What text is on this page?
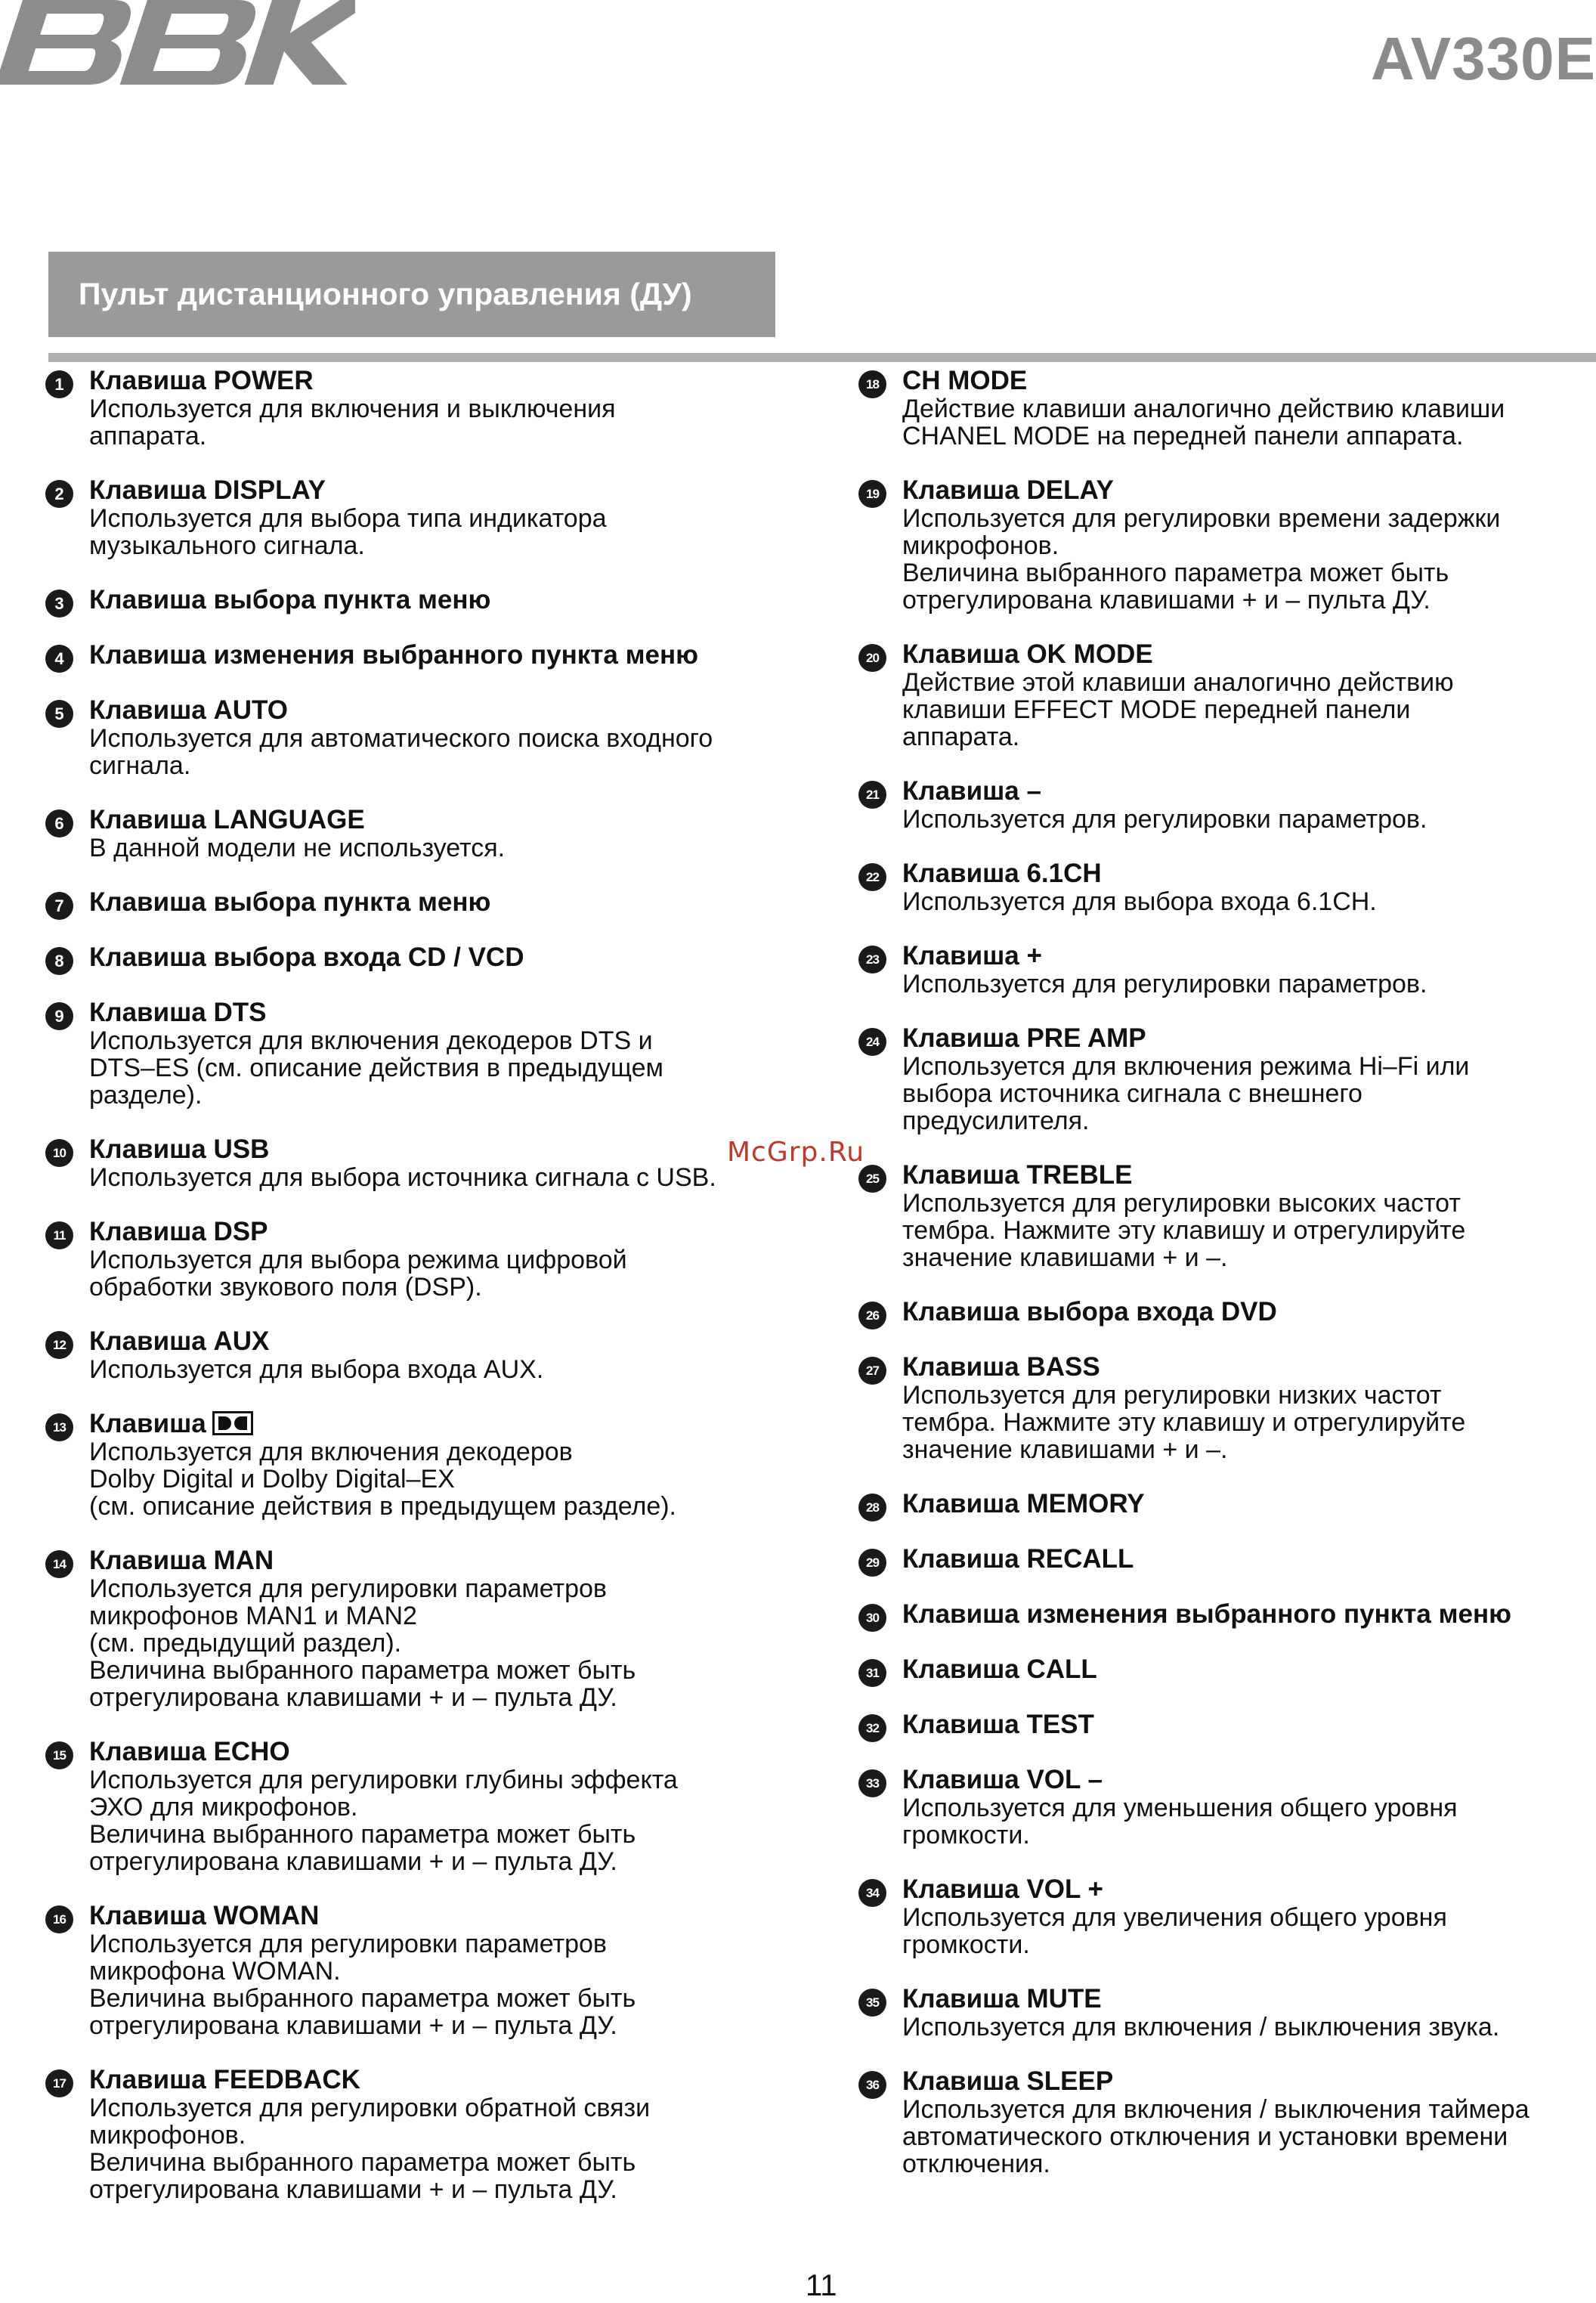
BBK
AV330E
Пульт дистанционного управления (ДУ)
1 Клавиша POWER
Используется для включения и выключения
аппарата.
2 Клавиша DISPLAY
Используется для выбора типа индикатора
музыкального сигнала.
3 Клавиша выбора пункта меню
4 Клавиша изменения выбранного пункта меню
5 Клавиша AUTO
Используется для автоматического поиска входного
сигнала.
6 Клавиша LANGUAGE
В данной модели не используется.
7 Клавиша выбора пункта меню
8 Клавиша выбора входа CD / VCD
9 Клавиша DTS
Используется для включения декодеров DTS и
DTS–ES (см. описание действия в предыдущем
разделе).
10 Клавиша USB
Используется для выбора источника сигнала с USB.
11 Клавиша DSP
Используется для выбора режима цифровой
обработки звукового поля (DSP).
12 Клавиша AUX
Используется для выбора входа AUX.
13 Клавиша
Используется для включения декодеров
Dolby Digital и Dolby Digital–EX
(см. описание действия в предыдущем разделе).
14 Клавиша MAN
Используется для регулировки параметров
микрофонов MAN1 и MAN2
(см. предыдущий раздел).
Величина выбранного параметра может быть
отрегулирована клавишами + и – пульта ДУ.
15 Клавиша ECHO
Используется для регулировки глубины эффекта
ЭХО для микрофонов.
Величина выбранного параметра может быть
отрегулирована клавишами + и – пульта ДУ.
16 Клавиша WOMAN
Используется для регулировки параметров
микрофона WOMAN.
Величина выбранного параметра может быть
отрегулирована клавишами + и – пульта ДУ.
17 Клавиша FEEDBACK
Используется для регулировки обратной связи
микрофонов.
Величина выбранного параметра может быть
отрегулирована клавишами + и – пульта ДУ.
18 CH MODE
Действие клавиши аналогично действию клавиши
CHANEL MODE на передней панели аппарата.
19 Клавиша DELAY
Используется для регулировки времени задержки
микрофонов.
Величина выбранного параметра может быть
отрегулирована клавишами + и – пульта ДУ.
20 Клавиша OK MODE
Действие этой клавиши аналогично действию
клавиши EFFECT MODE передней панели
аппарата.
21 Клавиша –
Используется для регулировки параметров.
22 Клавиша 6.1CH
Используется для выбора входа 6.1CH.
23 Клавиша +
Используется для регулировки параметров.
24 Клавиша PRE AMP
Используется для включения режима Hi–Fi или
выбора источника сигнала с внешнего
предусилителя.
25 Клавиша TREBLE
Используется для регулировки высоких частот
тембра. Нажмите эту клавишу и отрегулируйте
значение клавишами + и –.
26 Клавиша выбора входа DVD
27 Клавиша BASS
Используется для регулировки низких частот
тембра. Нажмите эту клавишу и отрегулируйте
значение клавишами + и –.
28 Клавиша MEMORY
29 Клавиша RECALL
30 Клавиша изменения выбранного пункта меню
31 Клавиша CALL
32 Клавиша TEST
33 Клавиша VOL –
Используется для уменьшения общего уровня
громкости.
34 Клавиша VOL +
Используется для увеличения общего уровня
громкости.
35 Клавиша MUTE
Используется для включения / выключения звука.
36 Клавиша SLEEP
Используется для включения / выключения таймера
автоматического отключения и установки времени
отключения.
McGrp.Ru
11
